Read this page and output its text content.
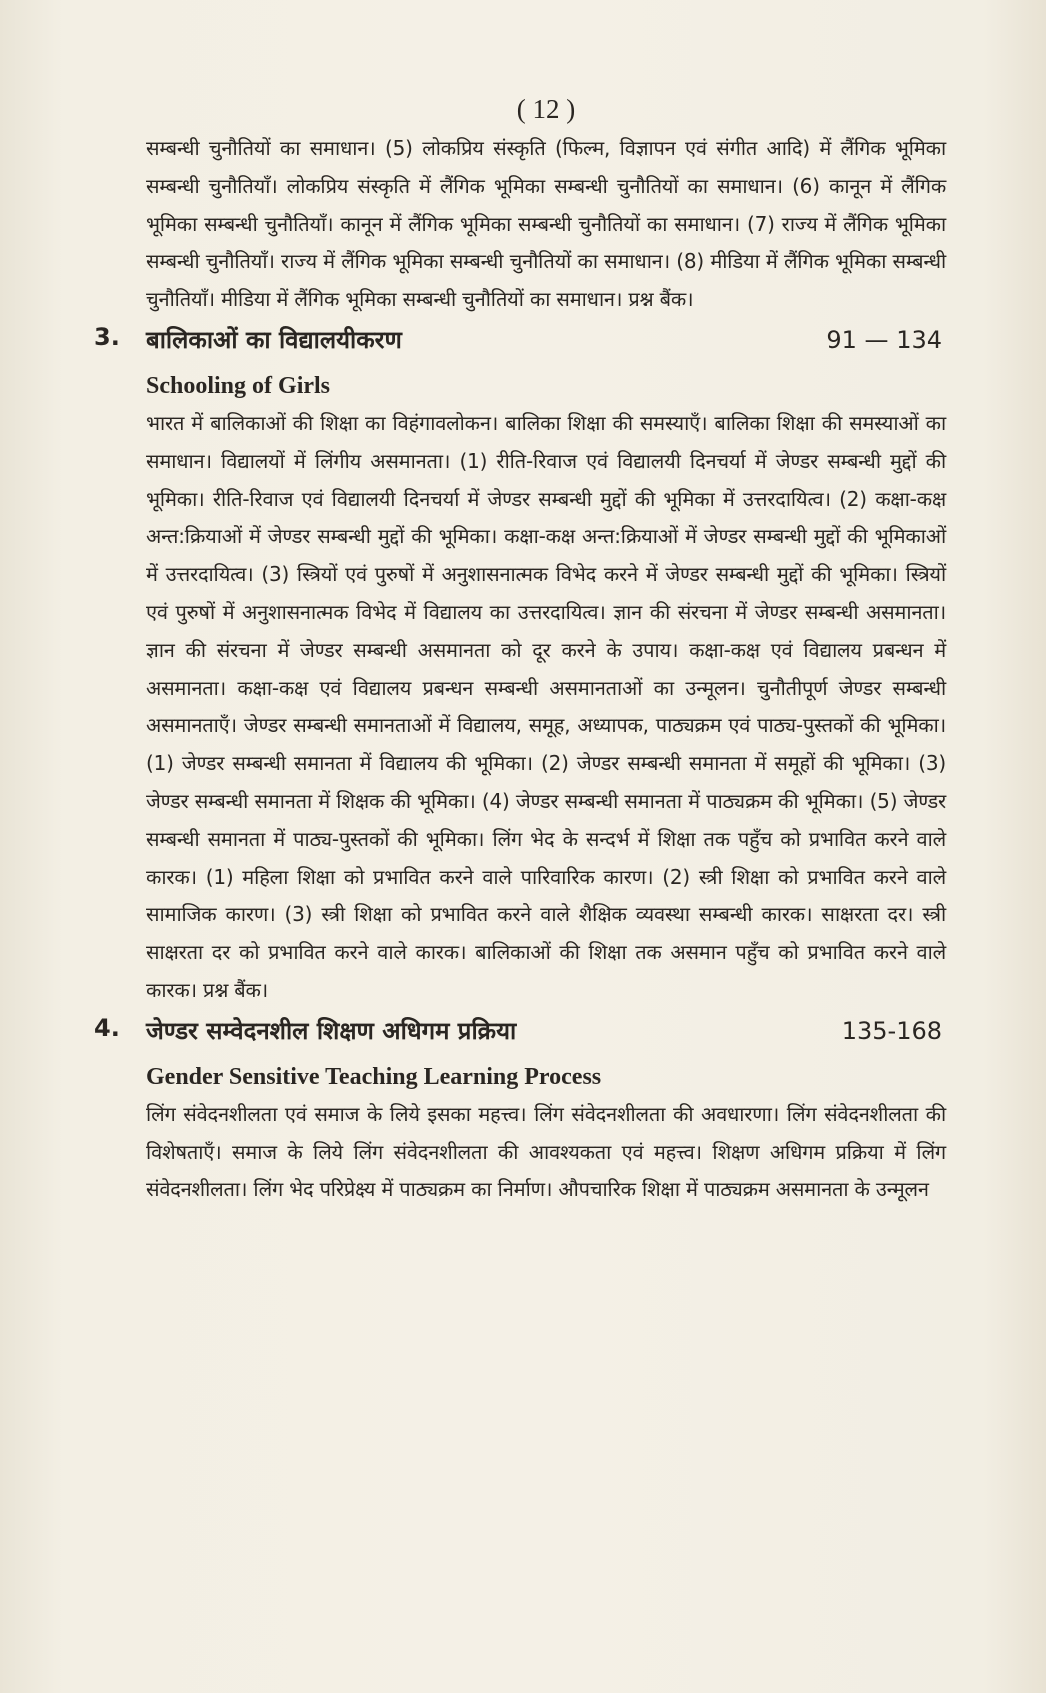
( 12 )

सम्बन्धी चुनौतियों का समाधान। (5) लोकप्रिय संस्कृति (फिल्म, विज्ञापन एवं संगीत आदि) में लैंगिक भूमिका सम्बन्धी चुनौतियाँ। लोकप्रिय संस्कृति में लैंगिक भूमिका सम्बन्धी चुनौतियों का समाधान। (6) कानून में लैंगिक भूमिका सम्बन्धी चुनौतियाँ। कानून में लैंगिक भूमिका सम्बन्धी चुनौतियों का समाधान। (7) राज्य में लैंगिक भूमिका सम्बन्धी चुनौतियाँ। राज्य में लैंगिक भूमिका सम्बन्धी चुनौतियों का समाधान। (8) मीडिया में लैंगिक भूमिका सम्बन्धी चुनौतियाँ। मीडिया में लैंगिक भूमिका सम्बन्धी चुनौतियों का समाधान। प्रश्न बैंक।

3. बालिकाओं का विद्यालयीकरण	91 — 134
Schooling of Girls

भारत में बालिकाओं की शिक्षा का विहंगावलोकन। बालिका शिक्षा की समस्याएँ। बालिका शिक्षा की समस्याओं का समाधान। विद्यालयों में लिंगीय असमानता। (1) रीति-रिवाज एवं विद्यालयी दिनचर्या में जेण्डर सम्बन्धी मुद्दों की भूमिका। रीति-रिवाज एवं विद्यालयी दिनचर्या में जेण्डर सम्बन्धी मुद्दों की भूमिका में उत्तरदायित्व। (2) कक्षा-कक्ष अन्त:क्रियाओं में जेण्डर सम्बन्धी मुद्दों की भूमिका। कक्षा-कक्ष अन्त:क्रियाओं में जेण्डर सम्बन्धी मुद्दों की भूमिकाओं में उत्तरदायित्व। (3) स्त्रियों एवं पुरुषों में अनुशासनात्मक विभेद करने में जेण्डर सम्बन्धी मुद्दों की भूमिका। स्त्रियों एवं पुरुषों में अनुशासनात्मक विभेद में विद्यालय का उत्तरदायित्व। ज्ञान की संरचना में जेण्डर सम्बन्धी असमानता। ज्ञान की संरचना में जेण्डर सम्बन्धी असमानता को दूर करने के उपाय। कक्षा-कक्ष एवं विद्यालय प्रबन्धन में असमानता। कक्षा-कक्ष एवं विद्यालय प्रबन्धन सम्बन्धी असमानताओं का उन्मूलन। चुनौतीपूर्ण जेण्डर सम्बन्धी असमानताएँ। जेण्डर सम्बन्धी समानताओं में विद्यालय, समूह, अध्यापक, पाठ्यक्रम एवं पाठ्य-पुस्तकों की भूमिका। (1) जेण्डर सम्बन्धी समानता में विद्यालय की भूमिका। (2) जेण्डर सम्बन्धी समानता में समूहों की भूमिका। (3) जेण्डर सम्बन्धी समानता में शिक्षक की भूमिका। (4) जेण्डर सम्बन्धी समानता में पाठ्यक्रम की भूमिका। (5) जेण्डर सम्बन्धी समानता में पाठ्य-पुस्तकों की भूमिका। लिंग भेद के सन्दर्भ में शिक्षा तक पहुँच को प्रभावित करने वाले कारक। (1) महिला शिक्षा को प्रभावित करने वाले पारिवारिक कारण। (2) स्त्री शिक्षा को प्रभावित करने वाले सामाजिक कारण। (3) स्त्री शिक्षा को प्रभावित करने वाले शैक्षिक व्यवस्था सम्बन्धी कारक। साक्षरता दर। स्त्री साक्षरता दर को प्रभावित करने वाले कारक। बालिकाओं की शिक्षा तक असमान पहुँच को प्रभावित करने वाले कारक। प्रश्न बैंक।

4. जेण्डर सम्वेदनशील शिक्षण अधिगम प्रक्रिया	135-168
Gender Sensitive Teaching Learning Process

लिंग संवेदनशीलता एवं समाज के लिये इसका महत्त्व। लिंग संवेदनशीलता की अवधारणा। लिंग संवेदनशीलता की विशेषताएँ। समाज के लिये लिंग संवेदनशीलता की आवश्यकता एवं महत्त्व। शिक्षण अधिगम प्रक्रिया में लिंग संवेदनशीलता। लिंग भेद परिप्रेक्ष्य में पाठ्यक्रम का निर्माण। औपचारिक शिक्षा में पाठ्यक्रम असमानता के उन्मूलन
